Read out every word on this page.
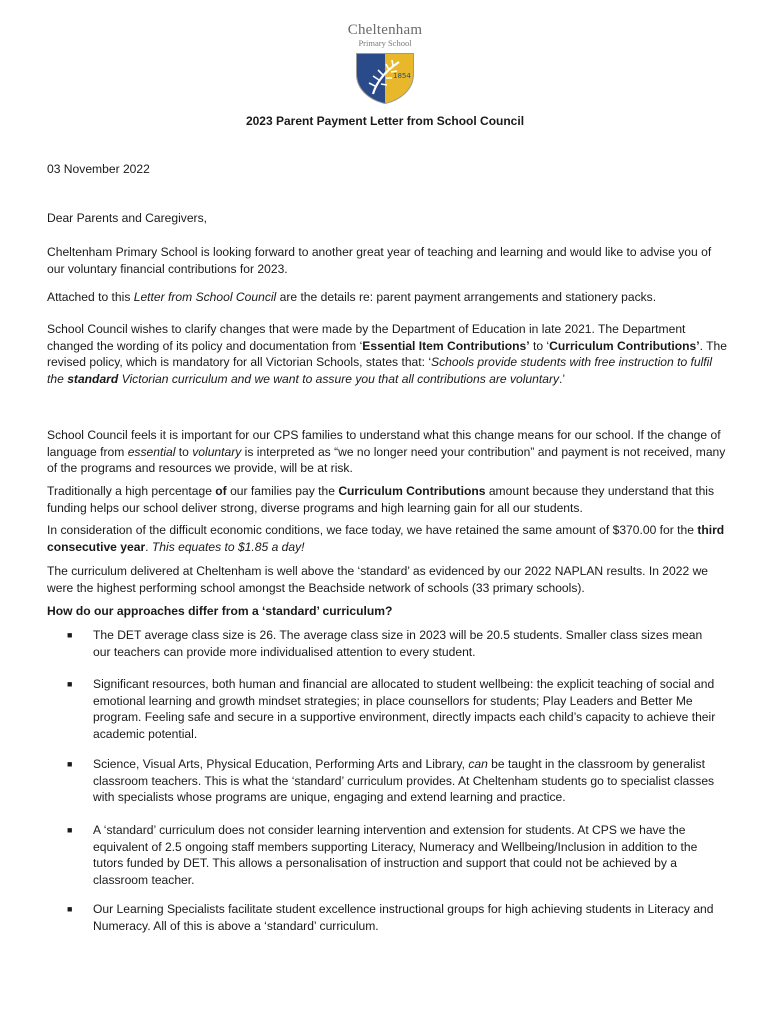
Cheltenham
Primary School
1854
2023 Parent Payment Letter from School Council

03 November 2022

Dear Parents and Caregivers,

Cheltenham Primary School is looking forward to another great year of teaching and learning and would like to advise you of our voluntary financial contributions for 2023.

Attached to this Letter from School Council are the details re: parent payment arrangements and stationery packs.

School Council wishes to clarify changes that were made by the Department of Education in late 2021. The Department changed the wording of its policy and documentation from ‘Essential Item Contributions’ to ‘Curriculum Contributions’. The revised policy, which is mandatory for all Victorian Schools, states that: ‘Schools provide students with free instruction to fulfil the standard Victorian curriculum and we want to assure you that all contributions are voluntary.’

School Council feels it is important for our CPS families to understand what this change means for our school. If the change of language from essential to voluntary is interpreted as “we no longer need your contribution” and payment is not received, many of the programs and resources we provide, will be at risk.

Traditionally a high percentage of our families pay the Curriculum Contributions amount because they understand that this funding helps our school deliver strong, diverse programs and high learning gain for all our students.

In consideration of the difficult economic conditions, we face today, we have retained the same amount of $370.00 for the third consecutive year. This equates to $1.85 a day!

The curriculum delivered at Cheltenham is well above the ‘standard’ as evidenced by our 2022 NAPLAN results. In 2022 we were the highest performing school amongst the Beachside network of schools (33 primary schools).

How do our approaches differ from a ‘standard’ curriculum?

■ The DET average class size is 26. The average class size in 2023 will be 20.5 students. Smaller class sizes mean our teachers can provide more individualised attention to every student.

■ Significant resources, both human and financial are allocated to student wellbeing: the explicit teaching of social and emotional learning and growth mindset strategies; in place counsellors for students; Play Leaders and Better Me program. Feeling safe and secure in a supportive environment, directly impacts each child’s capacity to achieve their academic potential.

■ Science, Visual Arts, Physical Education, Performing Arts and Library, can be taught in the classroom by generalist classroom teachers. This is what the ‘standard’ curriculum provides. At Cheltenham students go to specialist classes with specialists whose programs are unique, engaging and extend learning and practice.

■ A ‘standard’ curriculum does not consider learning intervention and extension for students. At CPS we have the equivalent of 2.5 ongoing staff members supporting Literacy, Numeracy and Wellbeing/Inclusion in addition to the tutors funded by DET. This allows a personalisation of instruction and support that could not be achieved by a classroom teacher.

■ Our Learning Specialists facilitate student excellence instructional groups for high achieving students in Literacy and Numeracy. All of this is above a ‘standard’ curriculum.
